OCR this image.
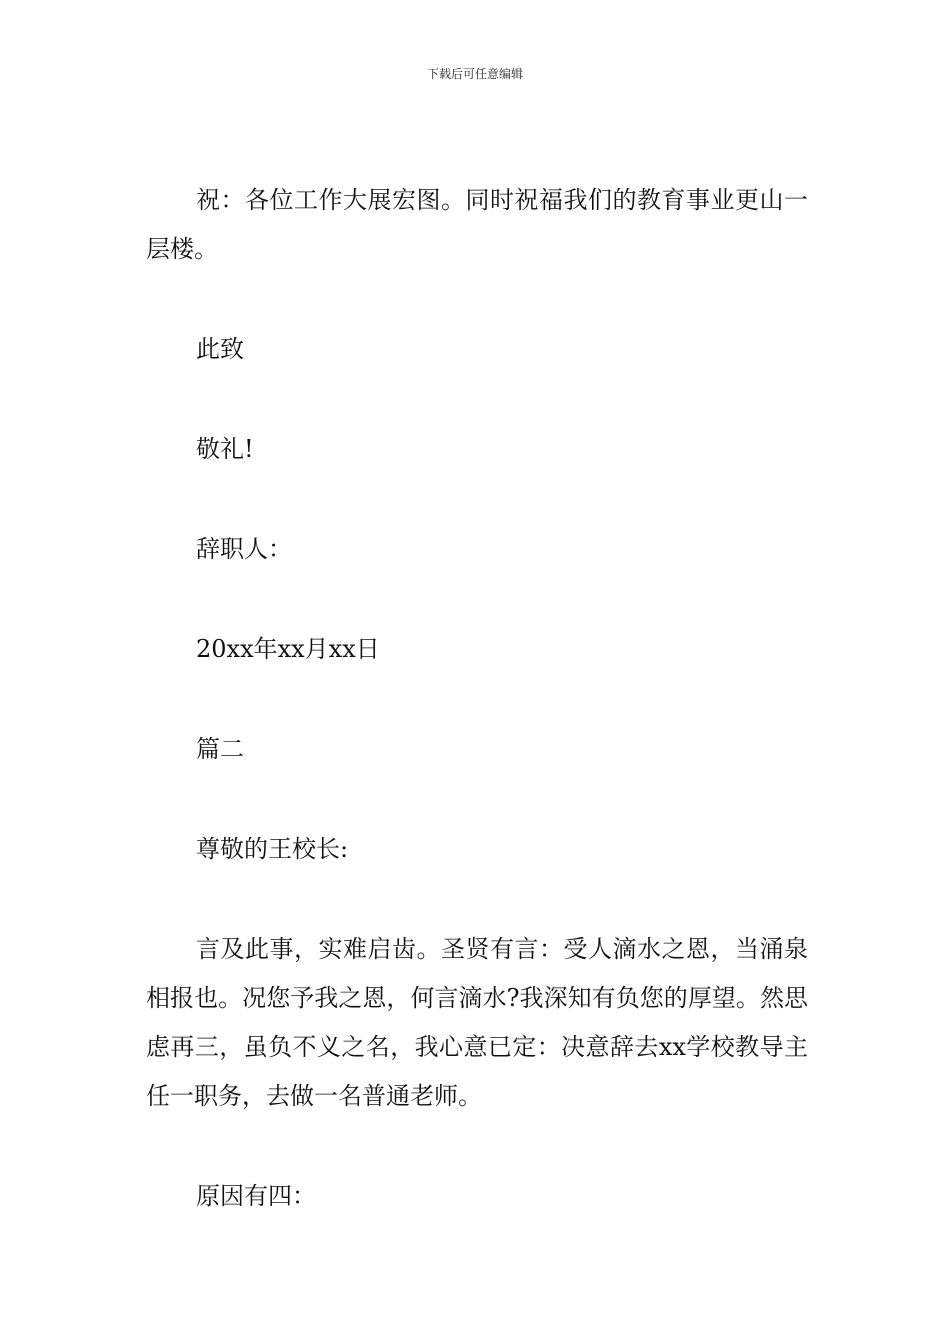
下载后可任意编辑

祝：各位工作大展宏图。同时祝福我们的教育事业更山一层楼。

此致

敬礼!

辞职人：

20xx年xx月xx日

篇二

尊敬的王校长:

言及此事，实难启齿。圣贤有言：受人滴水之恩，当涌泉相报也。况您予我之恩，何言滴水?我深知有负您的厚望。然思虑再三，虽负不义之名，我心意已定：决意辞去xx学校教导主任一职务，去做一名普通老师。

原因有四：
